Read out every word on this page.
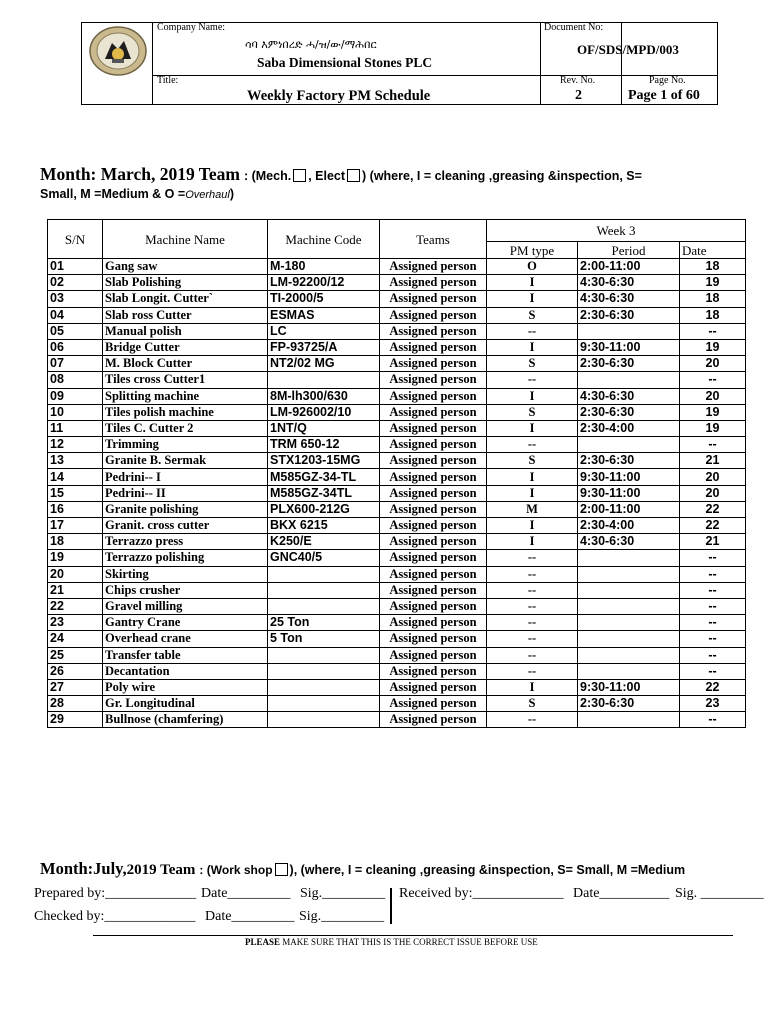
Company Name:
ሳባ እምነበረድ ሓ/ዝ/ው/ማሕበር
Saba Dimensional Stones PLC
Document No:
OF/SDS/MPD/003
Title:
Weekly Factory PM Schedule
Rev. No.
2
Page No.
Page 1 of 60
Month: March, 2019 Team : (Mech. , Elect ) (where, I = cleaning ,greasing &inspection, S=
Small, M =Medium & O =Overhaul)
S/N	Machine Name	Machine Code	Teams	Week 3		
				PM type	Period	Date
01	Gang saw	M-180	Assigned person	O	2:00-11:00	18
02	Slab Polishing	LM-92200/12	Assigned person	I	4:30-6:30	19
03	Slab Longit. Cutter`	TI-2000/5	Assigned person	I	4:30-6:30	18
04	Slab ross Cutter	ESMAS	Assigned person	S	2:30-6:30	18
05	Manual polish	LC	Assigned person	--		--
06	Bridge Cutter	FP-93725/A	Assigned person	I	9:30-11:00	19
07	M. Block Cutter	NT2/02 MG	Assigned person	S	2:30-6:30	20
08	Tiles cross Cutter1		Assigned person	--		--
09	Splitting machine	8M-lh300/630	Assigned person	I	4:30-6:30	20
10	Tiles polish machine	LM-926002/10	Assigned person	S	2:30-6:30	19
11	Tiles C. Cutter 2	1NT/Q	Assigned person	I	2:30-4:00	19
12	Trimming	TRM 650-12	Assigned person	--		--
13	Granite B. Sermak	STX1203-15MG	Assigned person	S	2:30-6:30	21
14	Pedrini-- I	M585GZ-34-TL	Assigned person	I	9:30-11:00	20
15	Pedrini-- II	M585GZ-34TL	Assigned person	I	9:30-11:00	20
16	Granite polishing	PLX600-212G	Assigned person	M	2:00-11:00	22
17	Granit. cross cutter	BKX 6215	Assigned person	I	2:30-4:00	22
18	Terrazzo press	K250/E	Assigned person	I	4:30-6:30	21
19	Terrazzo polishing	GNC40/5	Assigned person	--		--
20	Skirting		Assigned person	--		--
21	Chips crusher		Assigned person	--		--
22	Gravel milling		Assigned person	--		--
23	Gantry Crane	25 Ton	Assigned person	--		--
24	Overhead crane	5 Ton	Assigned person	--		--
25	Transfer table		Assigned person	--		--
26	Decantation		Assigned person	--		--
27	Poly wire		Assigned person	I	9:30-11:00	22
28	Gr. Longitudinal		Assigned person	S	2:30-6:30	23
29	Bullnose (chamfering)		Assigned person	--		--
Month:July,2019 Team : (Work shop ), (where, I = cleaning ,greasing &inspection, S= Small, M =Medium
Prepared by:_____________ Date_________ Sig._________ Received by:_____________ Date__________ Sig. _________
Checked by:_____________ Date_________ Sig._________
PLEASE MAKE SURE THAT THIS IS THE CORRECT ISSUE BEFORE USE
